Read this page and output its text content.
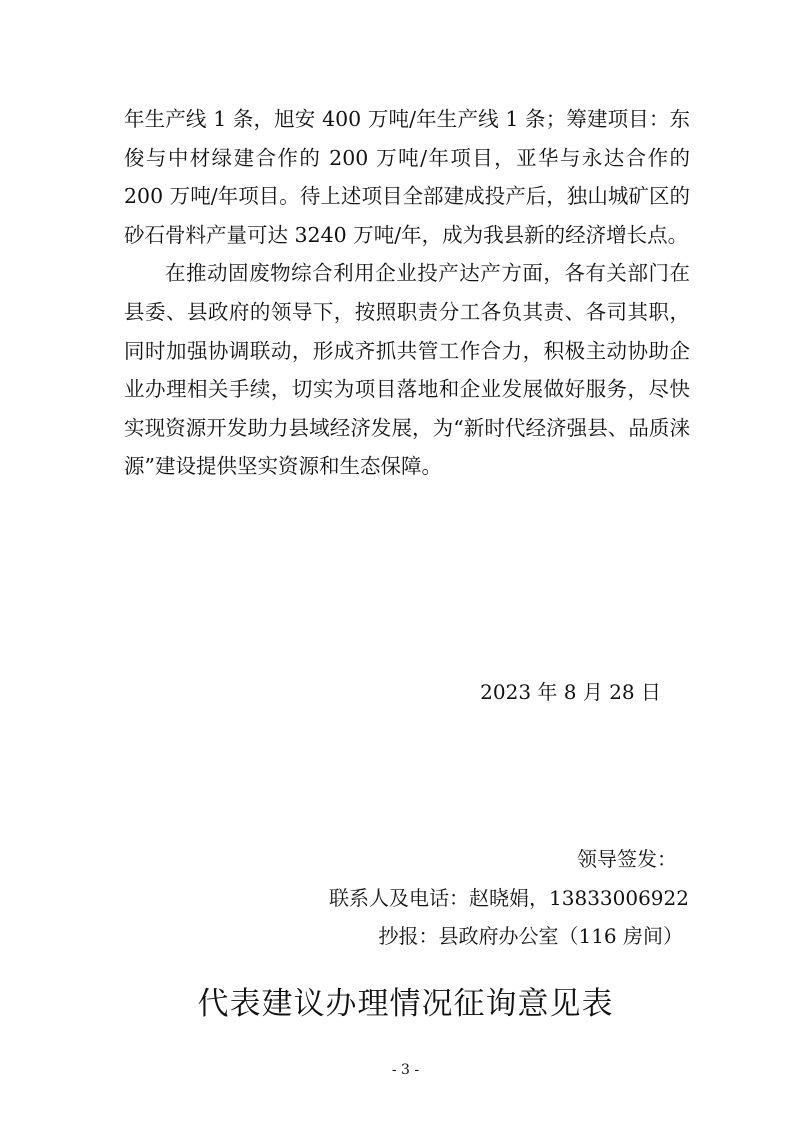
年生产线 1 条，旭安 400 万吨/年生产线 1 条；筹建项目：东俊与中材绿建合作的 200 万吨/年项目，亚华与永达合作的 200 万吨/年项目。待上述项目全部建成投产后，独山城矿区的砂石骨料产量可达 3240 万吨/年，成为我县新的经济增长点。

在推动固废物综合利用企业投产达产方面，各有关部门在县委、县政府的领导下，按照职责分工各负其责、各司其职，同时加强协调联动，形成齐抓共管工作合力，积极主动协助企业办理相关手续，切实为项目落地和企业发展做好服务，尽快实现资源开发助力县域经济发展，为“新时代经济强县、品质涞源”建设提供坚实资源和生态保障。

2023 年 8 月 28 日
领导签发：
联系人及电话：赵晓娟，13833006922
抄报：县政府办公室（116 房间）
代表建议办理情况征询意见表
- 3 -
